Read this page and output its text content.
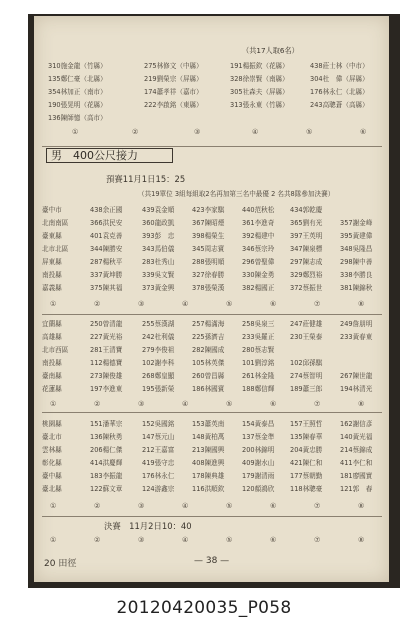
（共17人取6名）
310施金龍（竹縣）	275林修文（中縣）	191楊振欽（花縣）	438莊士林（中市）
135鄭仁豪（北縣）	219劉榮宗（屏縣）	328徐崇賢（南縣）	304杜　偉（屏縣）
354林加正（南市）	174蕭孝祥（嘉市）	305社森夫（屏縣）	176林永仁（北縣）
190張晃明（花縣）	222李啟銘（東縣）	313張永東（竹縣）	243高聰蒼（高縣）
136陳師憶（高市）
①	②	③	④	⑤	⑥
男　400公尺接力
預賽11月1日15：25
（共19單位 3組每組取2名再加第三名中最優 2 名共8隊參加決賽）
臺中市	438余正國	439袁金順	423李家騏	440范秋松 434郭乾慶
北南南區	366洪民安	360龍政凱	367陳昭煙	361李進奇 365劉有光	357謝金峰
臺東縣	401袁克善	393彭　忠	398楊榮生	392楊建中 397王英明	395黃建偉
北市北區	344陳勝安	343馬伯儀	345周志賓	346蔡宗玲 347陳泉標	348吳隆昌
屏東縣	287楊秋平	283杜秀山	288張明順	296曾聖偉 297陳志成	298陳中善
南投縣	337黃坤勝	339吳文賢	327徐春勝	330陳金勇 329鄭烈裕	338李勝良
嘉義縣	375陳其福	373黃金興	378張榮漢	382楊國正 372蔡振世	381陳錦秋
①	②	③	④	⑤	⑥	⑦	⑧
宜蘭縣	250曾清龍	255蔡漢湖	257楊滿海	258吳泉三 247莊健雄	249詹朋明
高雄縣	227黃光裕	242杜利儀	225孫濟吉	233吳羅正 230王榮泰	233黃春東
北市西區	281王清寶	279李俊祖	282陳國成	280蔡志賢
南投縣	112楊德寶	102謝李科	105林英傑	101劉淳銘 102邱孫騏
臺南縣	273陳俊雄	268鄭皇顯	260曾昌縣	261林金隆 274蔡智明	267陳世龍
花蓮縣	197李進東	195張新榮	186林國賓	188鄭信輝 189蕭三郎	194林清光
①	②	③	④	⑤	⑥	⑦	⑧
桃園縣	151潘華宗	152吳國銘	153蕭英南	154黃泰昌 157王照哲	162謝信彥
臺北市	136陳秋勇	147蔡元山	148黃柏萬	137蔡金準 135陳春華	140黃光福
雲林縣	206楊仁傑	212王嘉富	213陳國興	200林錦明 204黃忠勝	214蔡錦成
彰化縣	414洪慶輝	419張守忠	408陳進興	409謝水山 421陳仁和	411李仁和
臺中縣	183李振龍	176林永仁	178陳典雄	179謝清雨 177蔡朝勤	181廖國實
臺北縣	122蘇文章	124游鑫宗	116洪順欽	120顏鴻欣 118林聰豪	121郭　春
①	②	③	④	⑤	⑥	⑦	⑧
決賽　11月2日10：40
①	②	③	④	⑤	⑥	⑦	⑧
20 田徑	— 38 —
20120420035_P058
